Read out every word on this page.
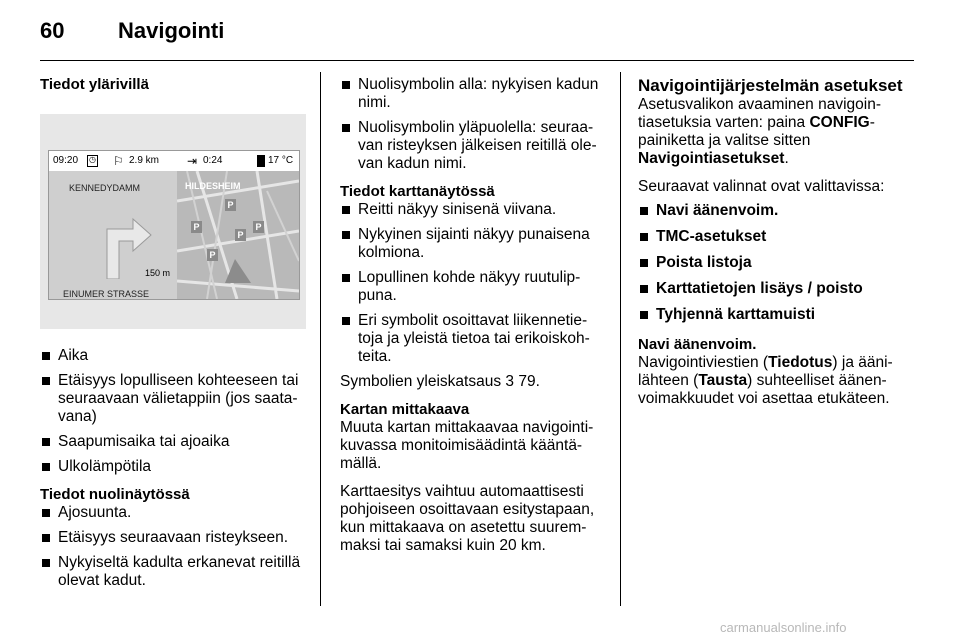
60 Navigointi
Tiedot ylärivillä
09:20 ◷ ⚐ 2.9 km ⇥ 0:24	17 °C
KENNEDYDAMM
150 m
EINUMER STRASSE
HILDESHEIM
P
P
P
P
P
Aika
Etäisyys lopulliseen kohteeseen tai seuraavaan välietappiin (jos saata-vana)
Saapumisaika tai ajoaika
Ulkolämpötila
Tiedot nuolinäytössä
Ajosuunta.
Etäisyys seuraavaan risteykseen.
Nykyiseltä kadulta erkanevat reitillä olevat kadut.
Nuolisymbolin alla: nykyisen kadun nimi.
Nuolisymbolin yläpuolella: seuraa-van risteyksen jälkeisen reitillä ole-van kadun nimi.
Tiedot karttanäytössä
Reitti näkyy sinisenä viivana.
Nykyinen sijainti näkyy punaisena kolmiona.
Lopullinen kohde näkyy ruutulip-puna.
Eri symbolit osoittavat liikennetie-toja ja yleistä tietoa tai erikoiskoh-teita.

Symbolien yleiskatsaus 3 79.

Kartan mittakaava

Muuta kartan mittakaavaa navigointi-kuvassa monitoimisäädintä kääntä-mällä.

Karttaesitys vaihtuu automaattisesti pohjoiseen osoittavaan esitystapaan, kun mittakaava on asetettu suurem-maksi tai samaksi kuin 20 km.

Navigointijärjestelmän asetukset

Asetusvalikon avaaminen navigoin-tiasetuksia varten: paina CONFIG-painiketta ja valitse sitten Navigointiasetukset.

Seuraavat valinnat ovat valittavissa:

Navi äänenvoim.
TMC-asetukset
Poista listoja
Karttatietojen lisäys / poisto
Tyhjennä karttamuisti
Navi äänenvoim.

Navigointiviestien (Tiedotus) ja ääni-lähteen (Tausta) suhteelliset äänen-voimakkuudet voi asettaa etukäteen.

carmanualsonline.info
